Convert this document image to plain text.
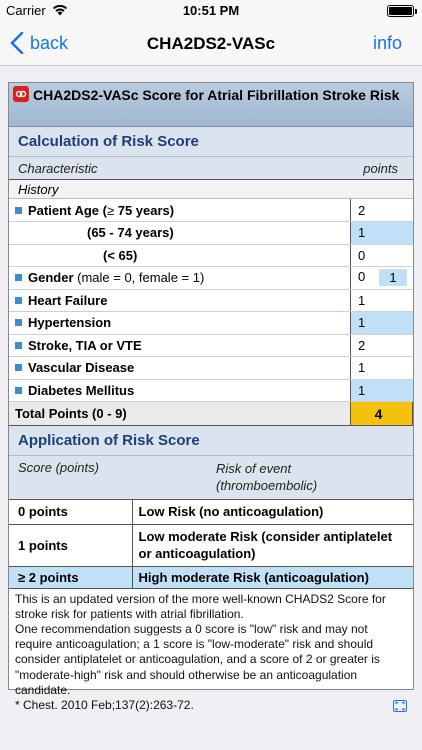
Carrier	10:51 PM
back	CHA2DS2-VASc	info
CHA2DS2-VASc Score for Atrial Fibrillation Stroke Risk
Calculation of Risk Score
Characteristic	points
History
Patient Age (≥ 75 years)	2
(65 - 74 years)	1
(< 65)	0
Gender (male = 0, female = 1)	0 1
Heart Failure	1
Hypertension	1
Stroke, TIA or VTE	2
Vascular Disease	1
Diabetes Mellitus	1
Total Points (0 - 9)	4
Application of Risk Score
Score (points)	Risk of event
(thromboembolic)
0 points	Low Risk (no anticoagulation)
1 points	Low moderate Risk (consider antiplatelet or anticoagulation)
≥ 2 points	High moderate Risk (anticoagulation)
This is an updated version of the more well-known CHADS2 Score for stroke risk for patients with atrial fibrillation.
One recommendation suggests a 0 score is "low" risk and may not require anticoagulation; a 1 score is "low-moderate" risk and should consider antiplatelet or anticoagulation, and a score of 2 or greater is "moderate-high" risk and should otherwise be an anticoagulation candidate.
* Chest. 2010 Feb;137(2):263-72.
